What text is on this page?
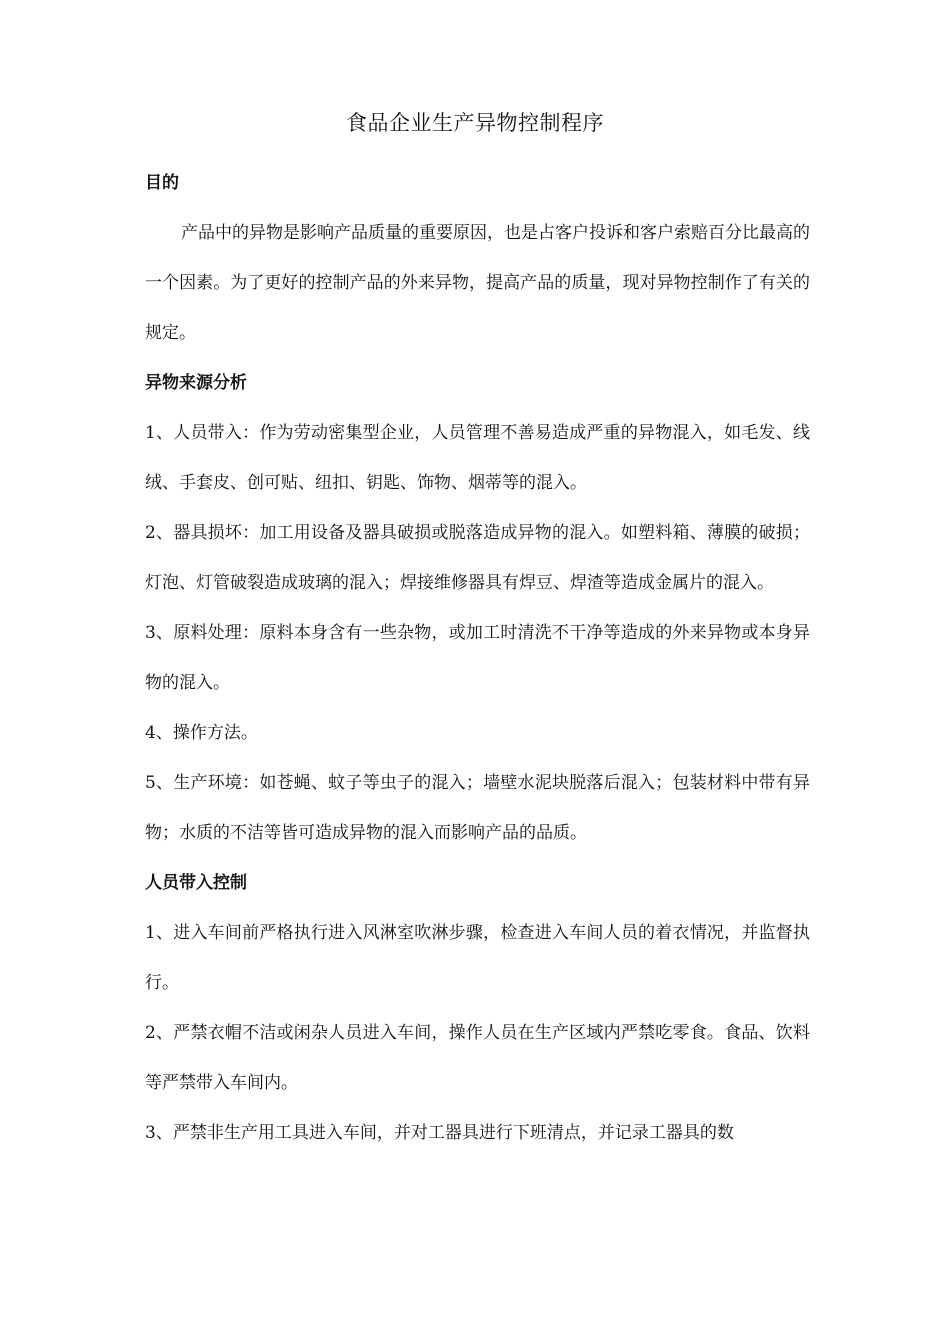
食品企业生产异物控制程序
目的

产品中的异物是影响产品质量的重要原因，也是占客户投诉和客户索赔百分比最高的一个因素。为了更好的控制产品的外来异物，提高产品的质量，现对异物控制作了有关的规定。

异物来源分析

1、人员带入：作为劳动密集型企业，人员管理不善易造成严重的异物混入，如毛发、线绒、手套皮、创可贴、纽扣、钥匙、饰物、烟蒂等的混入。

2、器具损坏：加工用设备及器具破损或脱落造成异物的混入。如塑料箱、薄膜的破损；灯泡、灯管破裂造成玻璃的混入；焊接维修器具有焊豆、焊渣等造成金属片的混入。

3、原料处理：原料本身含有一些杂物，或加工时清洗不干净等造成的外来异物或本身异物的混入。

4、操作方法。

5、生产环境：如苍蝇、蚊子等虫子的混入；墙壁水泥块脱落后混入；包装材料中带有异物；水质的不洁等皆可造成异物的混入而影响产品的品质。

人员带入控制

1、进入车间前严格执行进入风淋室吹淋步骤，检查进入车间人员的着衣情况，并监督执行。

2、严禁衣帽不洁或闲杂人员进入车间，操作人员在生产区域内严禁吃零食。食品、饮料等严禁带入车间内。

3、严禁非生产用工具进入车间，并对工器具进行下班清点，并记录工器具的数
